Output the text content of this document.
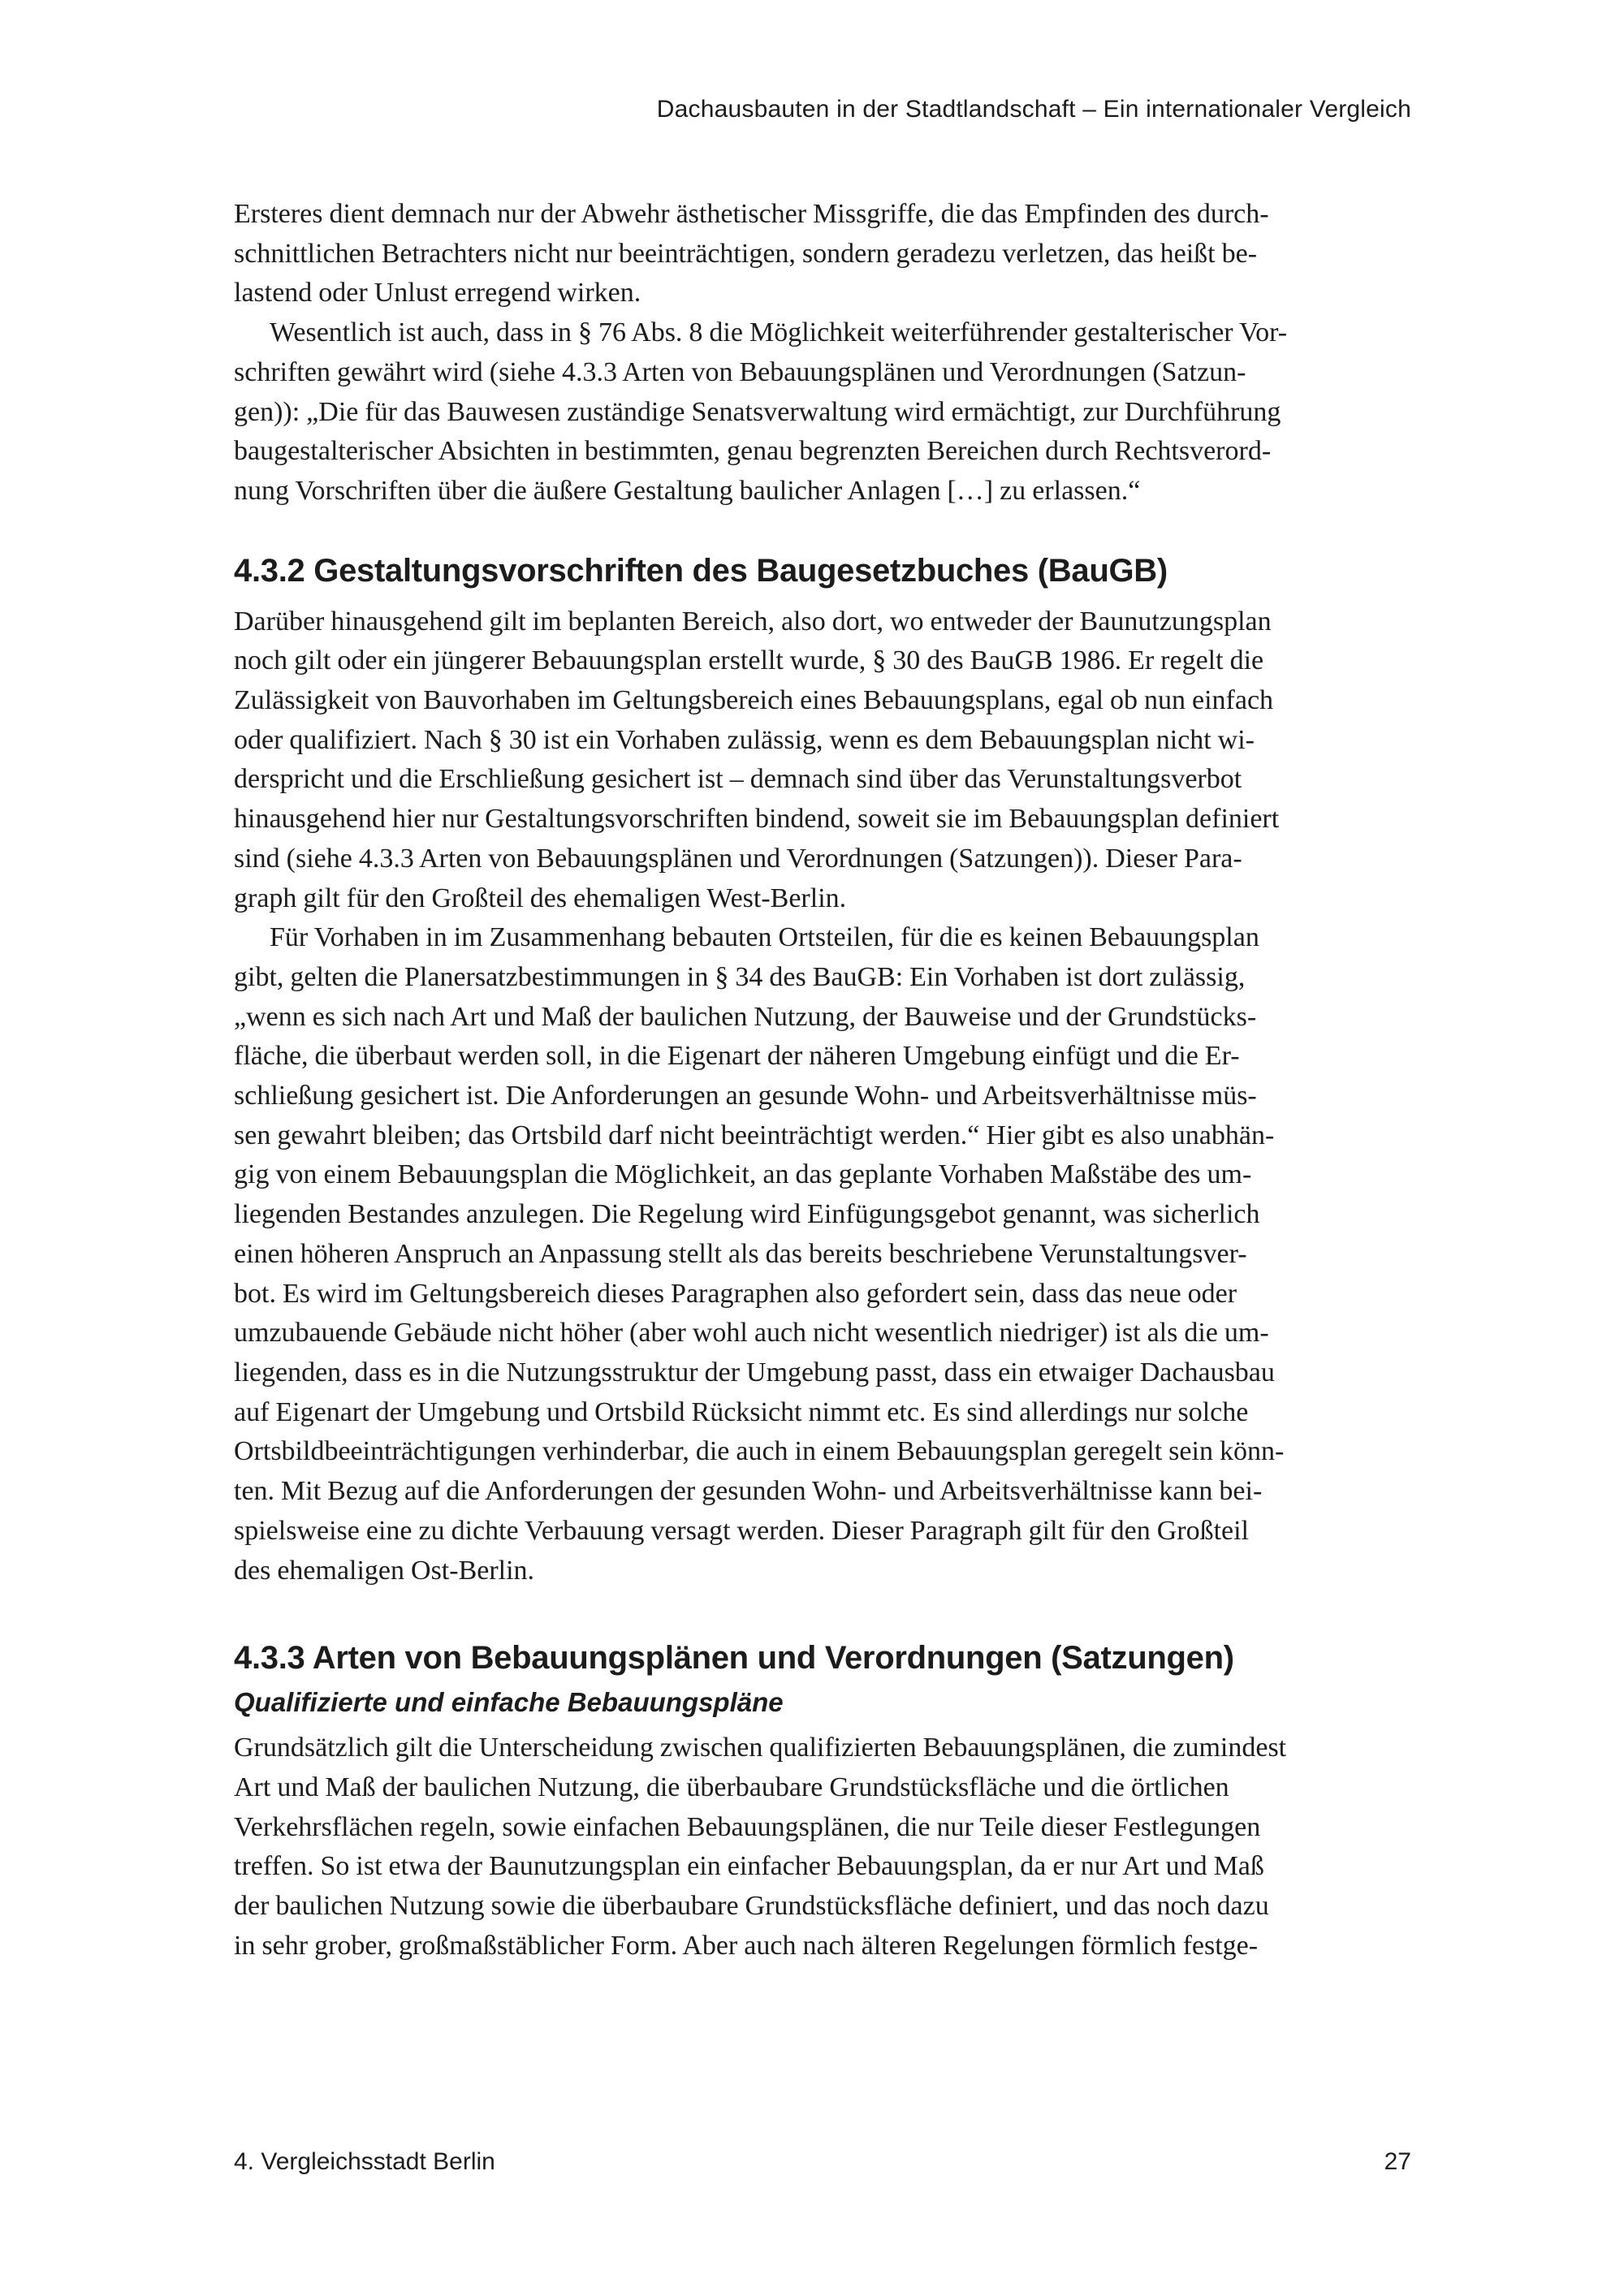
Dachausbauten in der Stadtlandschaft – Ein internationaler Vergleich

Ersteres dient demnach nur der Abwehr ästhetischer Missgriffe, die das Empfinden des durch-
schnittlichen Betrachters nicht nur beeinträchtigen, sondern geradezu verletzen, das heißt be-
lastend oder Unlust erregend wirken.

Wesentlich ist auch, dass in § 76 Abs. 8 die Möglichkeit weiterführender gestalterischer Vor-
schriften gewährt wird (siehe 4.3.3 Arten von Bebauungsplänen und Verordnungen (Satzun-
gen)): „Die für das Bauwesen zuständige Senatsverwaltung wird ermächtigt, zur Durchführung
baugestalterischer Absichten in bestimmten, genau begrenzten Bereichen durch Rechtsverord-
nung Vorschriften über die äußere Gestaltung baulicher Anlagen […] zu erlassen.“

4.3.2 Gestaltungsvorschriften des Baugesetzbuches (BauGB)

Darüber hinausgehend gilt im beplanten Bereich, also dort, wo entweder der Baunutzungsplan
noch gilt oder ein jüngerer Bebauungsplan erstellt wurde, § 30 des BauGB 1986. Er regelt die
Zulässigkeit von Bauvorhaben im Geltungsbereich eines Bebauungsplans, egal ob nun einfach
oder qualifiziert. Nach § 30 ist ein Vorhaben zulässig, wenn es dem Bebauungsplan nicht wi-
derspricht und die Erschließung gesichert ist – demnach sind über das Verunstaltungsverbot
hinausgehend hier nur Gestaltungsvorschriften bindend, soweit sie im Bebauungsplan definiert
sind (siehe 4.3.3 Arten von Bebauungsplänen und Verordnungen (Satzungen)). Dieser Para-
graph gilt für den Großteil des ehemaligen West-Berlin.

Für Vorhaben in im Zusammenhang bebauten Ortsteilen, für die es keinen Bebauungsplan
gibt, gelten die Planersatzbestimmungen in § 34 des BauGB: Ein Vorhaben ist dort zulässig,
„wenn es sich nach Art und Maß der baulichen Nutzung, der Bauweise und der Grundstücks-
fläche, die überbaut werden soll, in die Eigenart der näheren Umgebung einfügt und die Er-
schließung gesichert ist. Die Anforderungen an gesunde Wohn- und Arbeitsverhältnisse müs-
sen gewahrt bleiben; das Ortsbild darf nicht beeinträchtigt werden.“ Hier gibt es also unabhän-
gig von einem Bebauungsplan die Möglichkeit, an das geplante Vorhaben Maßstäbe des um-
liegenden Bestandes anzulegen. Die Regelung wird Einfügungsgebot genannt, was sicherlich
einen höheren Anspruch an Anpassung stellt als das bereits beschriebene Verunstaltungsver-
bot. Es wird im Geltungsbereich dieses Paragraphen also gefordert sein, dass das neue oder
umzubauende Gebäude nicht höher (aber wohl auch nicht wesentlich niedriger) ist als die um-
liegenden, dass es in die Nutzungsstruktur der Umgebung passt, dass ein etwaiger Dachausbau
auf Eigenart der Umgebung und Ortsbild Rücksicht nimmt etc. Es sind allerdings nur solche
Ortsbildbeeinträchtigungen verhinderbar, die auch in einem Bebauungsplan geregelt sein könn-
ten. Mit Bezug auf die Anforderungen der gesunden Wohn- und Arbeitsverhältnisse kann bei-
spielsweise eine zu dichte Verbauung versagt werden. Dieser Paragraph gilt für den Großteil
des ehemaligen Ost-Berlin.

4.3.3 Arten von Bebauungsplänen und Verordnungen (Satzungen)
Qualifizierte und einfache Bebauungspläne

Grundsätzlich gilt die Unterscheidung zwischen qualifizierten Bebauungsplänen, die zumindest
Art und Maß der baulichen Nutzung, die überbaubare Grundstücksfläche und die örtlichen
Verkehrsflächen regeln, sowie einfachen Bebauungsplänen, die nur Teile dieser Festlegungen
treffen. So ist etwa der Baunutzungsplan ein einfacher Bebauungsplan, da er nur Art und Maß
der baulichen Nutzung sowie die überbaubare Grundstücksfläche definiert, und das noch dazu
in sehr grober, großmaßstäblicher Form. Aber auch nach älteren Regelungen förmlich festge-

4. Vergleichsstadt Berlin	27
